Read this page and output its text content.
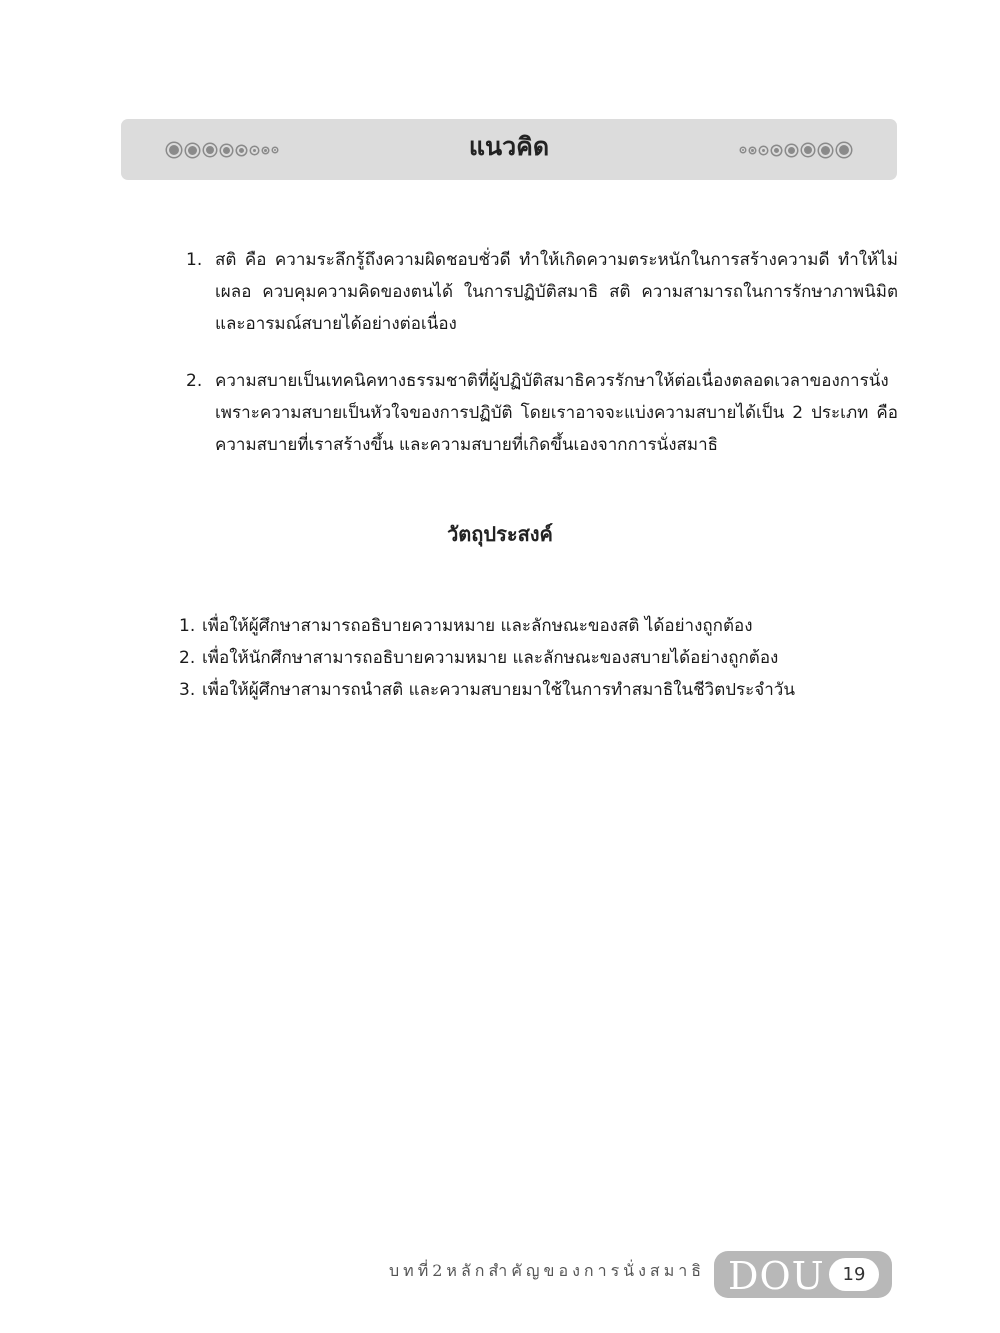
แนวคิด
1. สติ คือ ความระลึกรู้ถึงความผิดชอบชั่วดี ทำให้เกิดความตระหนักในการสร้างความดี ทำให้ไม่เผลอ ควบคุมความคิดของตนได้ ในการปฏิบัติสมาธิ สติ ความสามารถในการรักษาภาพนิมิตและอารมณ์สบายได้อย่างต่อเนื่อง
2. ความสบายเป็นเทคนิคทางธรรมชาติที่ผู้ปฏิบัติสมาธิควรรักษาให้ต่อเนื่องตลอดเวลาของการนั่ง เพราะความสบายเป็นหัวใจของการปฏิบัติ โดยเราอาจจะแบ่งความสบายได้เป็น 2 ประเภท คือ ความสบายที่เราสร้างขึ้น และความสบายที่เกิดขึ้นเองจากการนั่งสมาธิ
วัตถุประสงค์
1. เพื่อให้ผู้ศึกษาสามารถอธิบายความหมาย และลักษณะของสติ ได้อย่างถูกต้อง
2. เพื่อให้นักศึกษาสามารถอธิบายความหมาย และลักษณะของสบายได้อย่างถูกต้อง
3. เพื่อให้ผู้ศึกษาสามารถนำสติ และความสบายมาใช้ในการทำสมาธิในชีวิตประจำวัน
บทที่2หลักสำคัญของการนั่งสมาธิ DOU 19
